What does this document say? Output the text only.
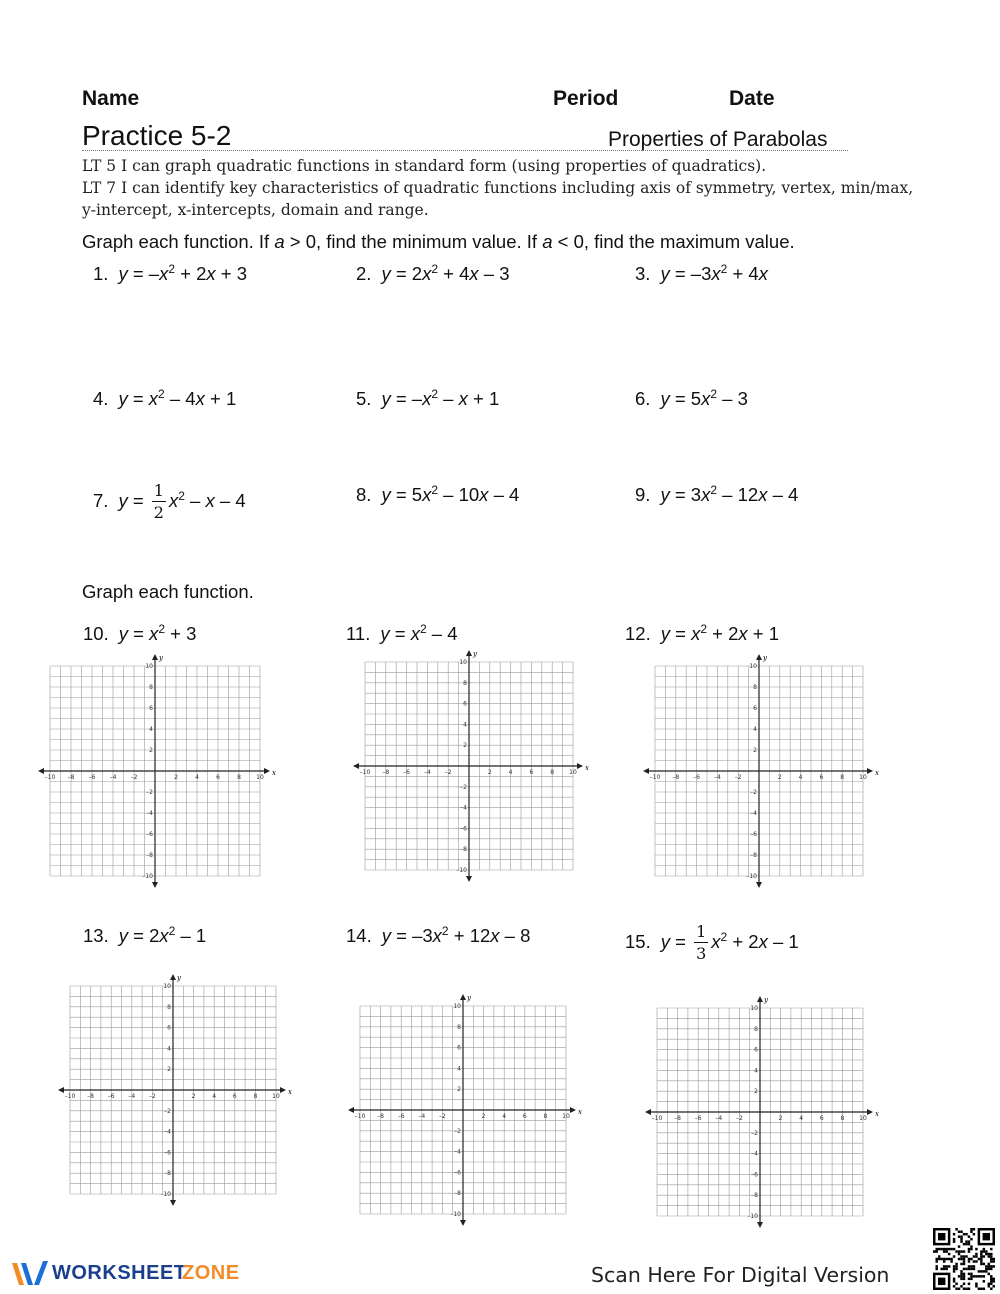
Name	Period	Date
Practice 5-2	Properties of Parabolas
LT 5 I can graph quadratic functions in standard form (using properties of quadratics).
LT 7 I can identify key characteristics of quadratic functions including axis of symmetry, vertex, min/max,
y-intercept, x-intercepts, domain and range.
Graph each function. If a > 0, find the minimum value. If a < 0, find the maximum value.
1. $y = -x^2 + 2x + 3$	2. $y = 2x^2 + 4x - 3$	3. $y = -3x^2 + 4x$
4. $y = x^2 - 4x + 1$	5. $y = -x^2 - x + 1$	6. $y = 5x^2 - 3$
7. $y = \frac{1}{2} x^2 - x - 4$	8. $y = 5x^2 - 10x - 4$	9. $y = 3x^2 - 12x - 4$
Graph each function.
10. $y = x^2 + 3$	11. $y = x^2 - 4$	12. $y = x^2 + 2x + 1$
13. $y = 2x^2 - 1$	14. $y = -3x^2 + 12x - 8$	15. $y = \frac{1}{3} x^2 + 2x - 1$
x
y
–10 –8 –6 –4 –2	2	4	6	8	10
10
8
6
4
2
–2
–4
–6
–8
–10
x
y
–10 –8 –6 –4 –2	2	4	6	8	10
10
8
6
4
2
–2
–4
–6
–8
–10
x
y
–10 –8 –6 –4 –2	2	4	6	8	10
10
8
6
4
2
–2
–4
–6
–8
–10
x
y
–10 –8 –6 –4 –2	2	4	6	8 10
10
8
6
4
2
–2
–4
–6
–8
–10
x
y
–10 –8 –6 –4 –2	2	4	6	8 10
10
8
6
4
2
–2
–4
–6
–8
–10
x
y
–10 –8 –6 –4 –2	2	4	6	8 10
10
8
6
4
2
–2
–4
–6
–8
–10
WORKSHEET
ZONE	Scan Here For Digital Version
